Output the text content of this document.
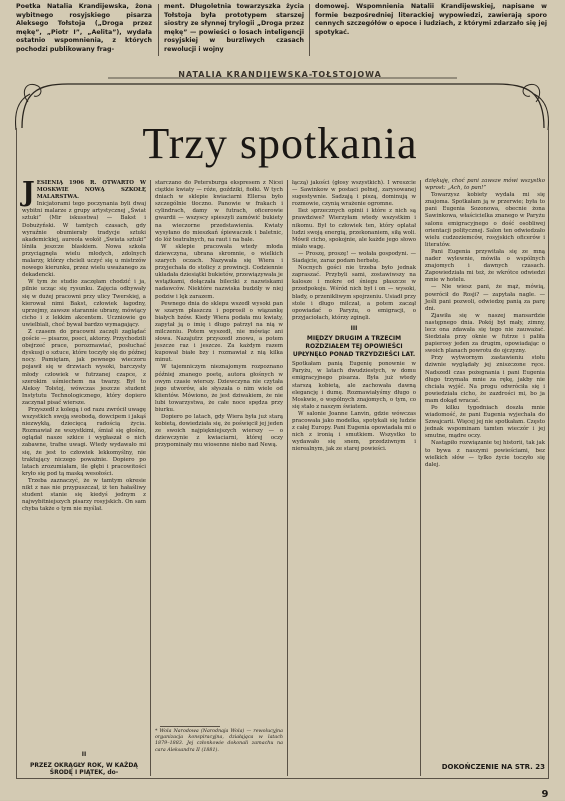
Poetka Natalia Krandijewska, żona wybitnego rosyjskiego pisarza Aleksego Tołstoja („Droga przez mękę”, „Piotr I”, „Aelita”), wydała ostatnio wspomnienia, z których pochodzi publikowany frag-

ment. Długoletnia towarzyszka życia Tołstoja była prototypem starszej siostry ze słynnej trylogii „Droga przez mękę” — powieści o losach inteligencji rosyjskiej w burzliwych czasach rewolucji i wojny

domowej. Wspomnienia Natalii Krandijewskiej, napisane w formie bezpośredniej literackiej wypowiedzi, zawierają sporo cennych szczegółów o epoce i ludziach, z którymi zdarzało się jej spotykać.

NATALIA KRANDIJEWSKA-TOŁSTOJOWA
Trzy spotkania
J ESIENIĄ 1906 R. OTWARTO W MOSKWIE NOWĄ SZKOŁĘ MALARSTWA.

Inicjatorami tego poczynania byli dwaj wybitni malarze z grupy artystycznej „Świat sztuki” (Mir iskusstwa) — Bakst i Dobużyński. W tamtych czasach, gdy wyraźnie obumierały tradycje sztuki akademickiej, aureola wokół „Świata sztuki” lśniła jeszcze blaskiem. Nowa szkoła przyciągnęła wielu młodych, zdolnych malarzy, którzy chcieli uczyć się u mistrzów nowego kierunku, przez wielu uważanego za dekadencki.

W tym że studio zaczęłam chodzić i ja, pilnie ucząc się rysunku. Zajęcia odbywały się w dużej pracowni przy ulicy Twerskiej, a kierował nimi Bakst, człowiek łagodny, uprzejmy, zawsze starannie ubrany, mówiący cicho i z lekkim akcentem. Uczniowie go uwielbiali, choć bywał bardzo wymagający.

Z czasem do pracowni zaczęli zaglądać goście — pisarze, poeci, aktorzy. Przychodzili obejrzeć prace, porozmawiać, posłuchać dyskusji o sztuce, które toczyły się do późnej nocy. Pamiętam, jak pewnego wieczoru pojawił się w drzwiach wysoki, barczysty młody człowiek w futrzanej czapce, z szerokim uśmiechem na twarzy. Był to Aleksy Tołstoj, wówczas jeszcze student Instytutu Technologicznego, który dopiero zaczynał pisać wiersze.

Przyszedł z kolegą i od razu zwrócił uwagę wszystkich swoją swobodą, dowcipem i jakąś niezwykłą, dziecięcą radością życia. Rozmawiał ze wszystkimi, śmiał się głośno, oglądał nasze szkice i wygłaszał o nich zabawne, trafne uwagi. Wtedy wydawało mi się, że jest to człowiek lekkomyślny, nie traktujący niczego poważnie. Dopiero po latach zrozumiałam, ile głębi i pracowitości kryło się pod tą maską wesołości.

Trzeba zaznaczyć, że w tamtym okresie nikt z nas nie przypuszczał, iż ten hałaśliwy student stanie się kiedyś jednym z najwybitniejszych pisarzy rosyjskich. On sam chyba także o tym nie myślał.

II

PRZEZ OKRĄGŁY ROK, W KAŻDĄ ŚRODĘ I PIĄTEK, do-

starczano do Petersburga ekspresem z Nicei ciężkie kwiaty — róże, goździki, fiołki. W tych dniach w sklepie kwiaciarni Ellersa było szczególnie tłoczno. Panowie w frakach i cylindrach, damy w futrach, oficerowie gwardii — wszyscy spieszyli zamówić bukiety na wieczorne przedstawienia. Kwiaty wysyłano do mieszkań śpiewaczek i baletnic, do lóż teatralnych, na raut i na bale.

W sklepie pracowała wtedy młoda dziewczyna, ubrana skromnie, o wielkich szarych oczach. Nazywała się Wiera i przyjechała do stolicy z prowincji. Codziennie układała dziesiątki bukietów, przewiązywała je wstążkami, dołączała bileciki z nazwiskami nadawców. Niektóre nazwiska budziły w niej podziw i lęk zarazem.

Pewnego dnia do sklepu wszedł wysoki pan w szarym płaszczu i poprosił o wiązankę białych bzów. Kiedy Wiera podała mu kwiaty, zapytał ją o imię i długo patrzył na nią w milczeniu. Potem wyszedł, nie mówiąc ani słowa. Nazajutrz przyszedł znowu, a potem jeszcze raz i jeszcze. Za każdym razem kupował białe bzy i rozmawiał z nią kilka minut.

W tajemniczym nieznajomym rozpoznano później znanego poetę, autora głośnych w owym czasie wierszy. Dziewczyna nie czytała jego utworów, ale słyszała o nim wiele od klientów. Mówiono, że jest dziwakiem, że nie lubi towarzystwa, że całe noce spędza przy biurku.

Dopiero po latach, gdy Wiera była już starą kobietą, dowiedziała się, że poświęcił jej jeden ze swoich najpiękniejszych wierszy — o dziewczynie z kwiaciarni, której oczy przypominały mu wiosenne niebo nad Newą.

* Wola Narodowa (Narodnaja Wola) — rewolucyjna organizacja konspiracyjna, działająca w latach 1879–1883. Jej członkowie dokonali zamachu na cara Aleksandra II (1881).

łączą) jakości (głosy wszystkich). I wreszcie — Sawinkow w postaci pełnej, zarysowanej sugestywnie. Sadzają i piszą, dominują w rozmowie, czynią wrażenie ogromne.

Ileż sprzecznych opinii i które z nich są prawdziwe? Wierzyłam wtedy wszystkim i nikomu. Był to człowiek ten, który oplatał ludzi swoją energią, przekonaniem, siłą woli. Mówił cicho, spokojnie, ale każde jego słowo miało wagę.

— Proszę, proszę! — wołała gospodyni. — Siadajcie, zaraz podam herbatę.

Nocnych gości nie trzeba było jednak zapraszać. Przybyli sami, zostawiwszy na kalosze i mokre od śniegu płaszcze w przedpokoju. Wśród nich był i on — wysoki, blady, o przenikliwym spojrzeniu. Usiadł przy stole i długo milczał, a potem zaczął opowiadać o Paryżu, o emigracji, o przyjaciołach, którzy zginęli.

III

MIĘDZY DRUGIM A TRZECIM ROZDZIAŁEM TEJ OPOWIEŚCI UPŁYNĘŁO PONAD TRZYDZIEŚCI LAT.

Spotkałam panią Eugenię ponownie w Paryżu, w latach dwudziestych, w domu emigracyjnego pisarza. Była już wtedy starszą kobietą, ale zachowała dawną elegancję i dumę. Rozmawiałyśmy długo o Moskwie, o wspólnych znajomych, o tym, co się stało z naszym światem.

W salonie Joanne Lanvin, gdzie wówczas pracowała jako modelka, spotykali się ludzie z całej Europy. Pani Eugenia opowiadała mi o nich z ironią i smutkiem. Wszystko to wydawało się snem, przedziwnym i nierealnym, jak ze starej powieści.

dziękuję, choć pani zawsze mówi wszystko wprost: „Ach, to pan!”

Towarzysz kobiety wydała mi się znajoma. Spotkałam ją w przerwie; była to pani Eugenia Sozonowa, obecnie żona Sawinkowa, właścicielka znanego w Paryżu salonu emigracyjnego o dość osobliwej orientacji politycznej. Salon ten odwiedzało wielu cudzoziemców, rosyjskich oficerów i literatów.

Pani Eugenia przywitała się ze mną nader wylewnie, mówiła o wspólnych znajomych i dawnych czasach. Zapowiedziała mi też, że wkrótce odwiedzi mnie w hotelu.

— Nie wiesz pani, że mąż, mówią, powrócił do Rosji? — zapytała nagle. — Jeśli pani pozwoli, odwiedzę panią za parę dni.

Zjawiła się w naszej mansardzie następnego dnia. Pokój był mały, zimny, lecz ona zdawała się tego nie zauważać. Siedziała przy oknie w futrze i paliła papierosy jeden za drugim, opowiadając o swoich planach powrotu do ojczyzny.

Przy wytwornym zastawieniu stołu dziwnie wyglądały jej zniszczone ręce. Nadszedł czas pożegnania i pani Eugenia długo trzymała mnie za rękę, jakby nie chciała wyjść. Na progu odwróciła się i powiedziała cicho, że zazdrości mi, bo ja mam dokąd wracać.

Po kilku tygodniach doszła mnie wiadomość, że pani Eugenia wyjechała do Szwajcarii. Więcej jej nie spotkałam. Często jednak wspominam tamten wieczór i jej smutne, mądre oczy.

Nastąpiło rozwiązanie tej historii, tak jak to bywa z naszymi powieściami, bez wielkich słów — tylko życie toczyło się dalej.

DOKOŃCZENIE NA STR. 23
9
